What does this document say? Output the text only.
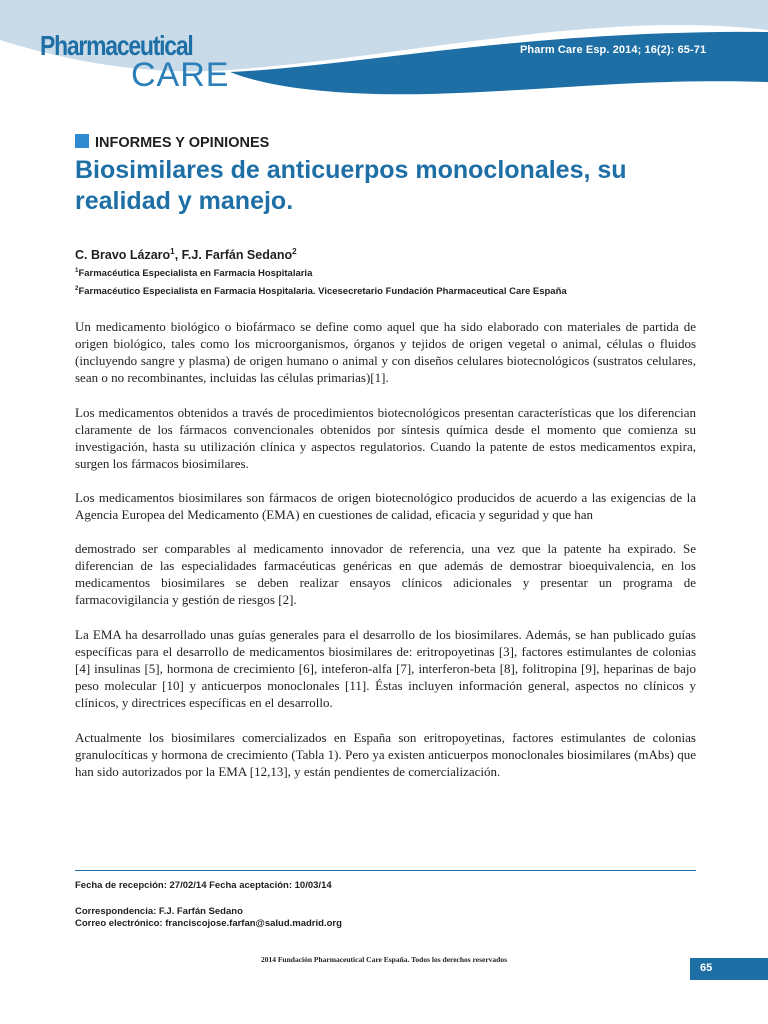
Pharmaceutical
CARE
Pharm Care Esp. 2014; 16(2): 65-71
INFORMES Y OPINIONES
Biosimilares de anticuerpos monoclonales, su realidad y manejo.
C. Bravo Lázaro$^1$, F.J. Farfán Sedano$^2$
$^1$Farmacéutica Especialista en Farmacia Hospitalaria
$^2$Farmacéutico Especialista en Farmacia Hospitalaria. Vicesecretario Fundación Pharmaceutical Care España

Un medicamento biológico o biofármaco se define como aquel que ha sido elaborado con materiales de partida de origen biológico, tales como los microorganismos, órganos y tejidos de origen vegetal o animal, células o fluidos (incluyendo sangre y plasma) de origen humano o animal y con diseños celulares biotecnológicos (sustratos celulares, sean o no recombinantes, incluidas las células primarias)[1].

Los medicamentos obtenidos a través de procedimientos biotecnológicos presentan características que los diferencian claramente de los fármacos convencionales obtenidos por síntesis química desde el momento que comienza su investigación, hasta su utilización clínica y aspectos regulatorios. Cuando la patente de estos medicamentos expira, surgen los fármacos biosimilares.

Los medicamentos biosimilares son fármacos de origen biotecnológico producidos de acuerdo a las exigencias de la Agencia Europea del Medicamento (EMA) en cuestiones de calidad, eficacia y seguridad y que han

demostrado ser comparables al medicamento innovador de referencia, una vez que la patente ha expirado. Se diferencian de las especialidades farmacéuticas genéricas en que además de demostrar bioequivalencia, en los medicamentos biosimilares se deben realizar ensayos clínicos adicionales y presentar un programa de farmacovigilancia y gestión de riesgos [2].

La EMA ha desarrollado unas guías generales para el desarrollo de los biosimilares. Además, se han publicado guías específicas para el desarrollo de medicamentos biosimilares de: eritropoyetinas [3], factores estimulantes de colonias [4] insulinas [5], hormona de crecimiento [6], inteferon-alfa [7], interferon-beta [8], folitropina [9], heparinas de bajo peso molecular [10] y anticuerpos monoclonales [11]. Éstas incluyen información general, aspectos no clínicos y clínicos, y directrices específicas en el desarrollo.

Actualmente los biosimilares comercializados en España son eritropoyetinas, factores estimulantes de colonias granulocíticas y hormona de crecimiento (Tabla 1). Pero ya existen anticuerpos monoclonales biosimilares (mAbs) que han sido autorizados por la EMA [12,13], y están pendientes de comercialización.

Fecha de recepción: 27/02/14 Fecha aceptación: 10/03/14
Correspondencia: F.J. Farfán Sedano
Correo electrónico: franciscojose.farfan@salud.madrid.org
2014 Fundación Pharmaceutical Care España. Todos los derechos reservados
65
